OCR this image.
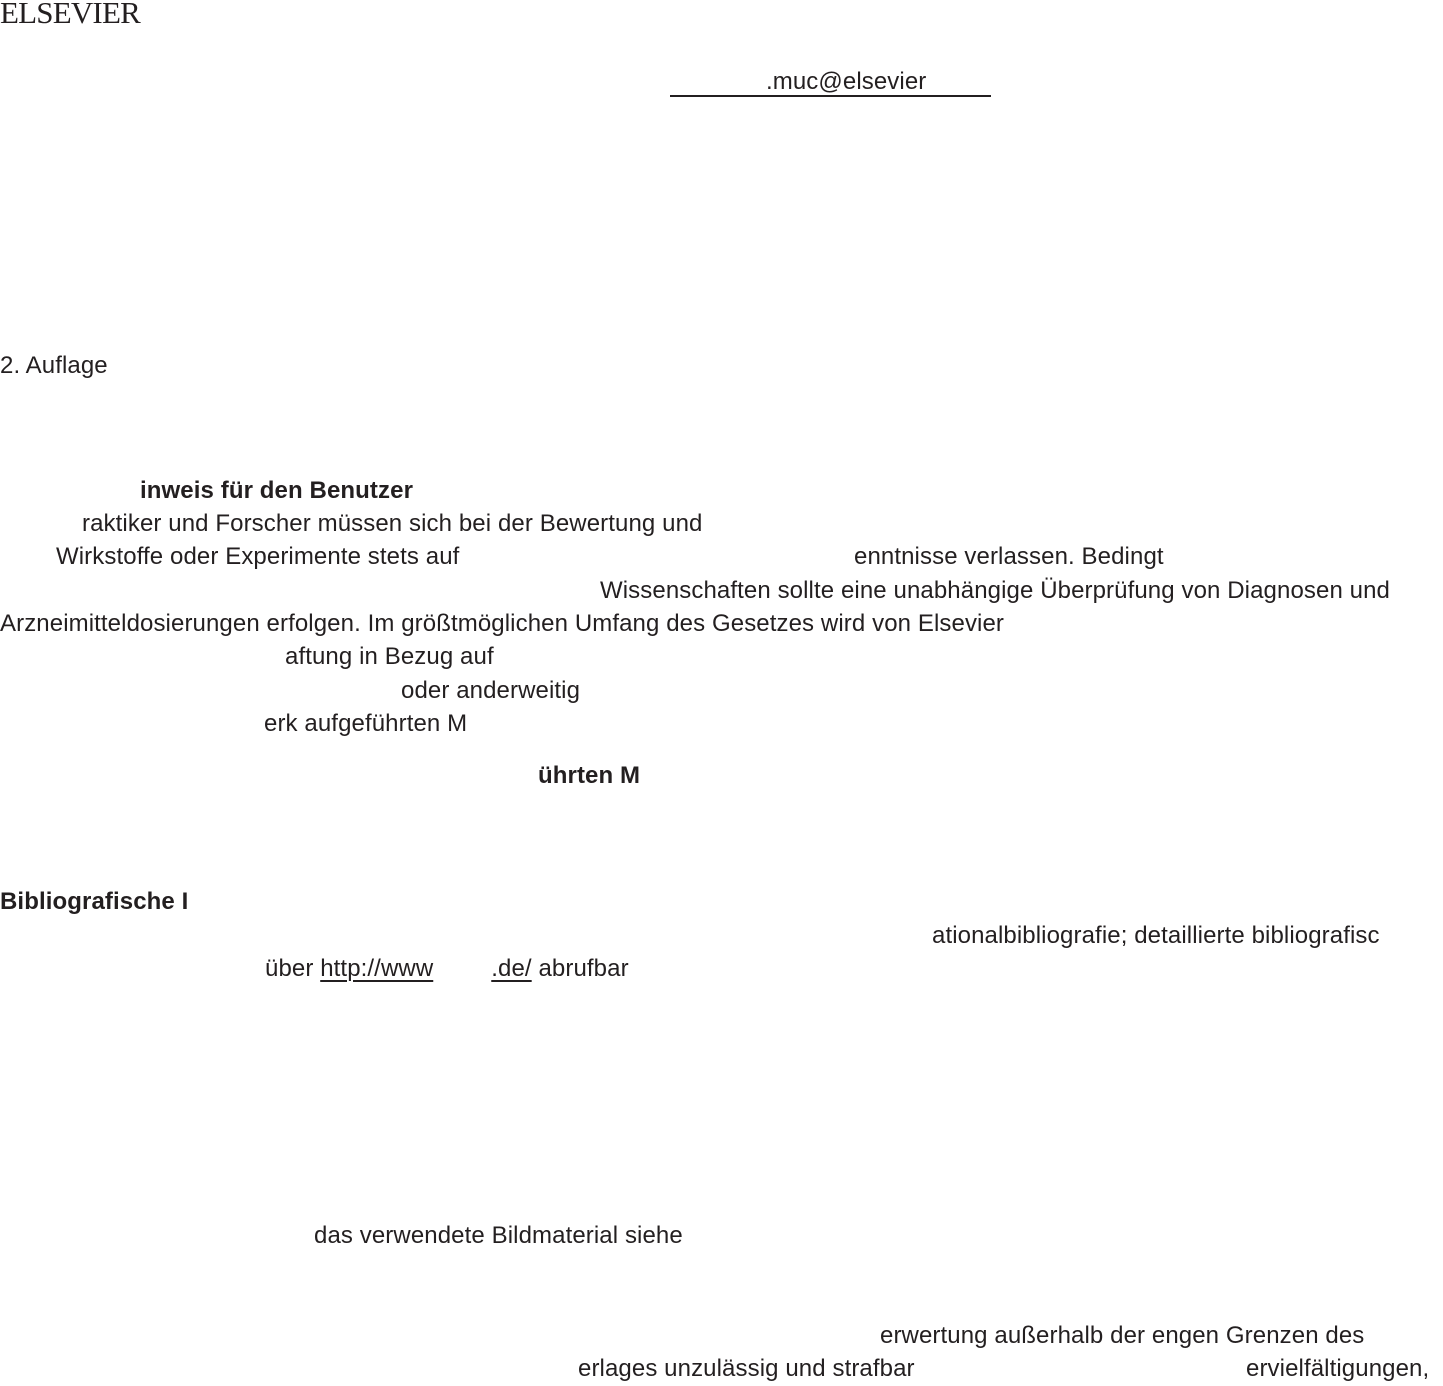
ELSEVIER
.muc@elsevier
2. Auflage
inweis für den Benutzer
raktiker und Forscher müssen sich bei der Bewertung und
Wirkstoffe oder Experimente stets auf	enntnisse verlassen. Bedingt
Wissenschaften sollte eine unabhängige Überprüfung von Diagnosen und
Arzneimitteldosierungen erfolgen. Im größtmöglichen Umfang des Gesetzes wird von Elsevier
aftung in Bezug auf
oder anderweitig
erk aufgeführten M
ührten M
Bibliografische I
ationalbibliografie; detaillierte bibliografisc
über http://www .de/ abrufbar
das verwendete Bildmaterial siehe
erwertung außerhalb der engen Grenzen des
erlages unzulässig und strafbar	ervielfältigungen,
